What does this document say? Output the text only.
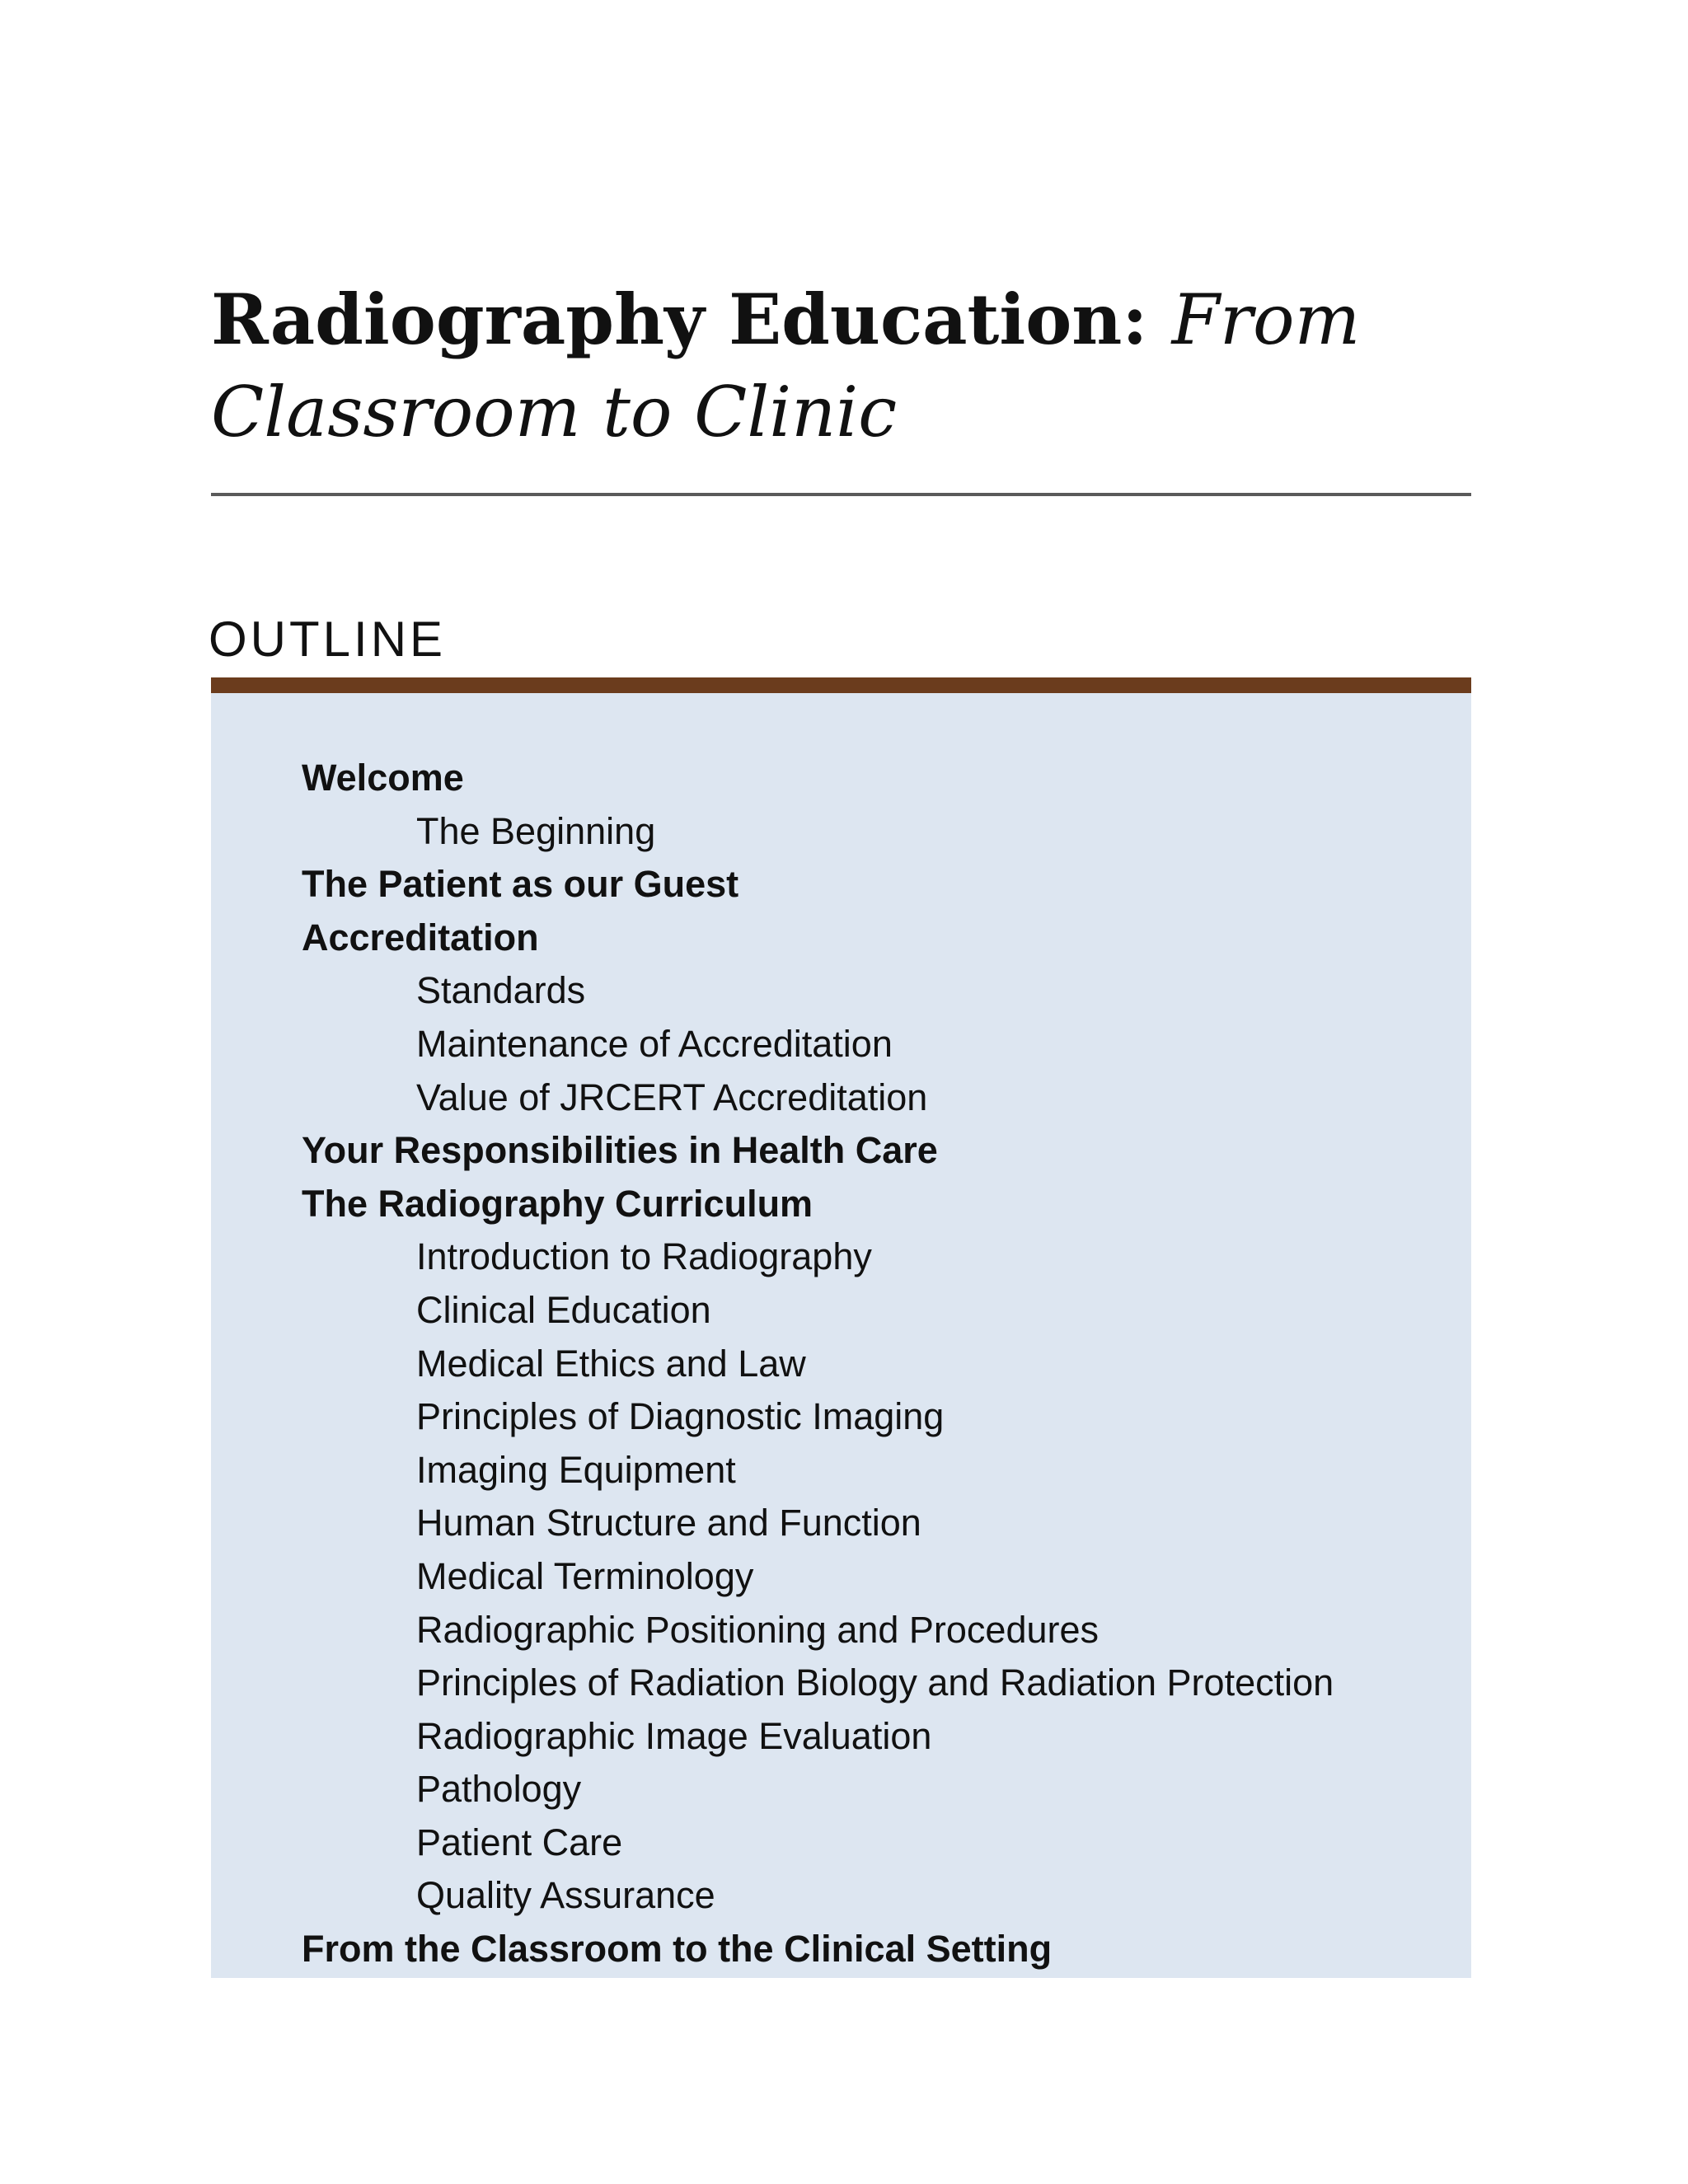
Radiography Education: From Classroom to Clinic
OUTLINE
Welcome
The Beginning
The Patient as our Guest
Accreditation
Standards
Maintenance of Accreditation
Value of JRCERT Accreditation
Your Responsibilities in Health Care
The Radiography Curriculum
Introduction to Radiography
Clinical Education
Medical Ethics and Law
Principles of Diagnostic Imaging
Imaging Equipment
Human Structure and Function
Medical Terminology
Radiographic Positioning and Procedures
Principles of Radiation Biology and Radiation Protection
Radiographic Image Evaluation
Pathology
Patient Care
Quality Assurance
From the Classroom to the Clinical Setting
